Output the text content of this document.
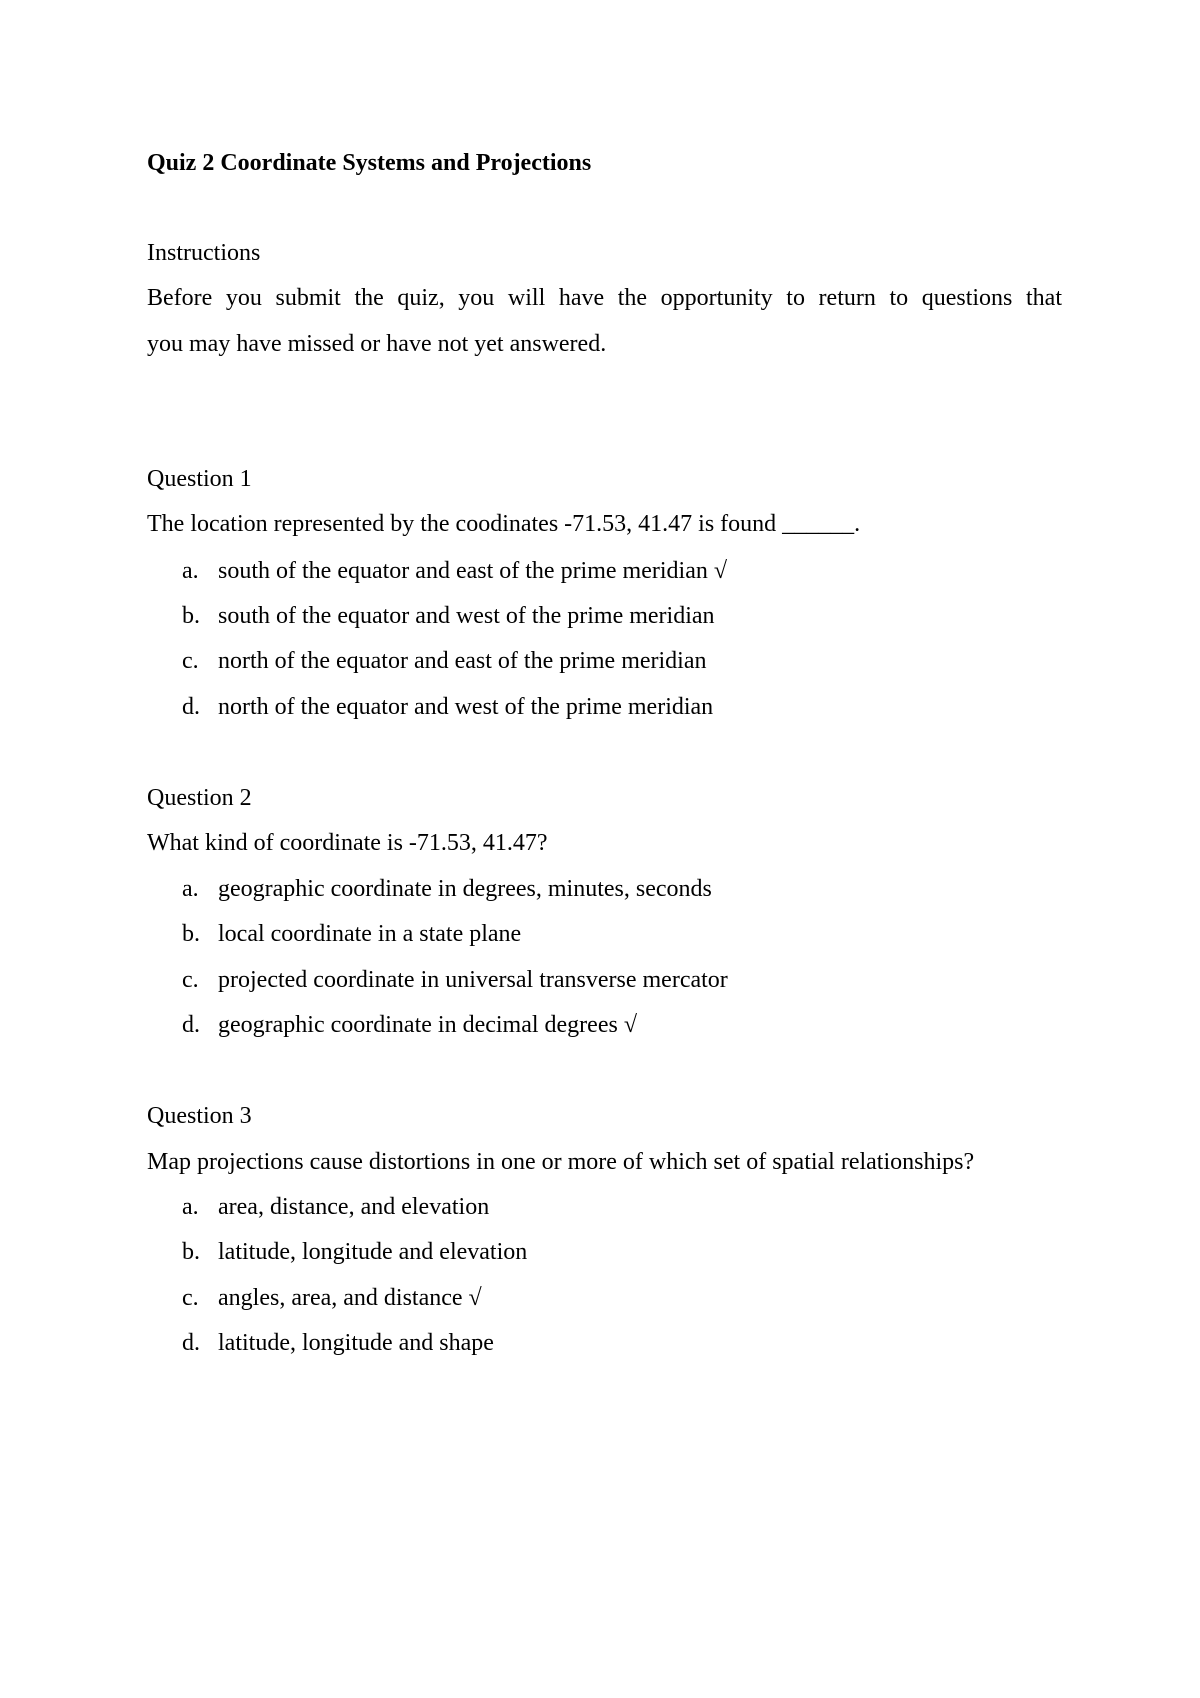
Quiz 2 Coordinate Systems and Projections
Instructions
Before you submit the quiz, you will have the opportunity to return to questions that
you may have missed or have not yet answered.
Question 1
The location represented by the coodinates -71.53, 41.47 is found ______.
a. south of the equator and east of the prime meridian √
b. south of the equator and west of the prime meridian
c. north of the equator and east of the prime meridian
d. north of the equator and west of the prime meridian
Question 2
What kind of coordinate is -71.53, 41.47?
a. geographic coordinate in degrees, minutes, seconds
b. local coordinate in a state plane
c. projected coordinate in universal transverse mercator
d. geographic coordinate in decimal degrees √
Question 3
Map projections cause distortions in one or more of which set of spatial relationships?
a. area, distance, and elevation
b. latitude, longitude and elevation
c. angles, area, and distance √
d. latitude, longitude and shape
